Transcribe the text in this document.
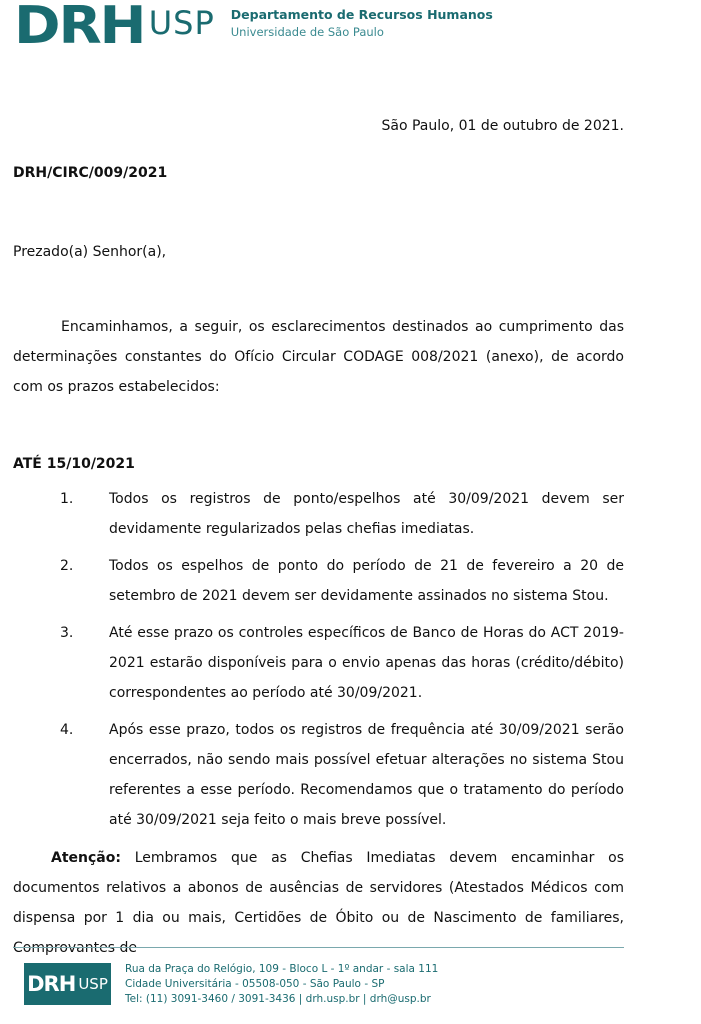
DRH USP Departamento de Recursos Humanos
Universidade de São Paulo
São Paulo, 01 de outubro de 2021.
DRH/CIRC/009/2021
Prezado(a) Senhor(a),
Encaminhamos, a seguir, os esclarecimentos destinados ao cumprimento das determinações constantes do Ofício Circular CODAGE 008/2021 (anexo), de acordo com os prazos estabelecidos:
ATÉ 15/10/2021
1.	Todos os registros de ponto/espelhos até 30/09/2021 devem ser devidamente regularizados pelas chefias imediatas.
2.	Todos os espelhos de ponto do período de 21 de fevereiro a 20 de setembro de 2021 devem ser devidamente assinados no sistema Stou.
3.	Até esse prazo os controles específicos de Banco de Horas do ACT 2019-2021 estarão disponíveis para o envio apenas das horas (crédito/débito) correspondentes ao período até 30/09/2021.
4.	Após esse prazo, todos os registros de frequência até 30/09/2021 serão encerrados, não sendo mais possível efetuar alterações no sistema Stou referentes a esse período. Recomendamos que o tratamento do período até 30/09/2021 seja feito o mais breve possível.
Atenção: Lembramos que as Chefias Imediatas devem encaminhar os documentos relativos a abonos de ausências de servidores (Atestados Médicos com dispensa por 1 dia ou mais, Certidões de Óbito ou de Nascimento de familiares, Comprovantes de
DRH USP
Rua da Praça do Relógio, 109 - Bloco L - 1º andar - sala 111
Cidade Universitária - 05508-050 - São Paulo - SP
Tel: (11) 3091-3460 / 3091-3436 | drh.usp.br | drh@usp.br
